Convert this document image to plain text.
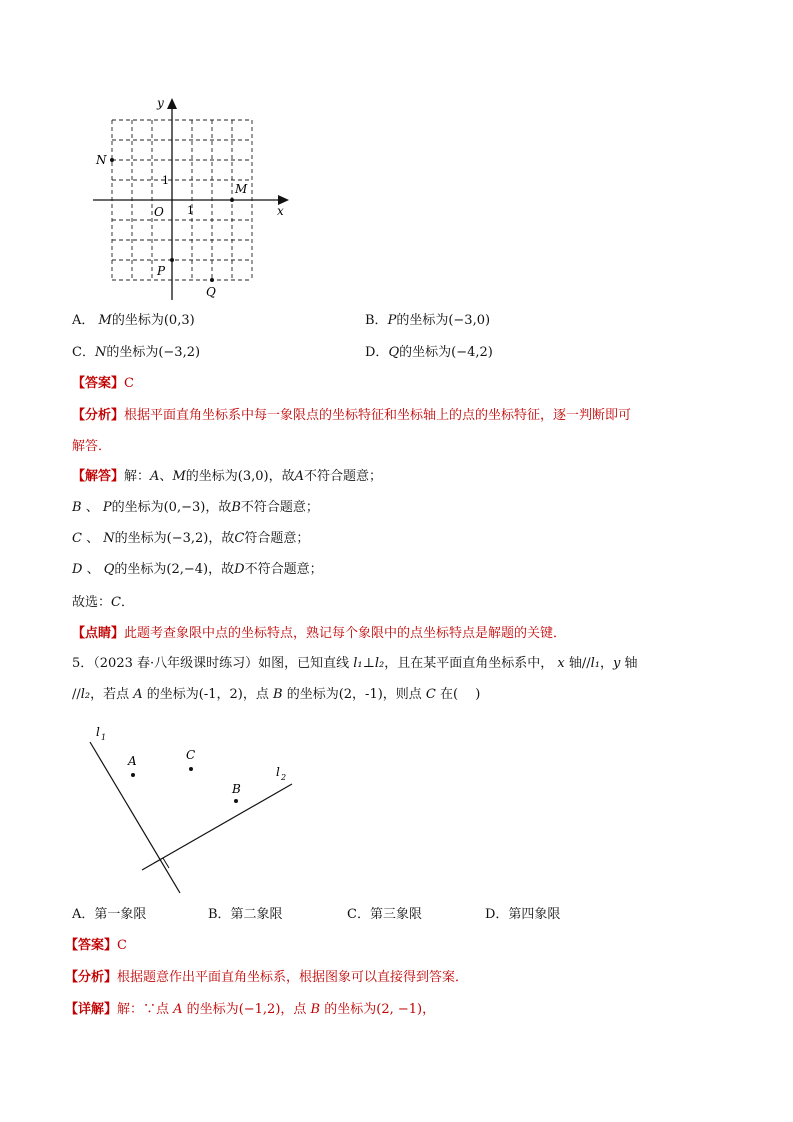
y
x
O 1
1
N
M
P
Q
A． M的坐标为(0,3)	B．P的坐标为(−3,0)
C．N的坐标为(−3,2)	D．Q的坐标为(−4,2)
【答案】C
【分析】根据平面直角坐标系中每一象限点的坐标特征和坐标轴上的点的坐标特征，逐一判断即可
解答．
【解答】解：A、M的坐标为(3,0)，故A不符合题意；
B 、 P的坐标为(0,−3)，故B不符合题意；
C 、 N的坐标为(−3,2)，故C符合题意；
D 、 Q的坐标为(2,−4)，故D不符合题意；
故选：C．
【点睛】此题考查象限中点的坐标特点，熟记每个象限中的点坐标特点是解题的关键．
5．（2023 春·八年级课时练习）如图，已知直线 l₁⊥l₂，且在某平面直角坐标系中， x 轴//l₁，y 轴
//l₂，若点 A 的坐标为(-1，2)，点 B 的坐标为(2，-1)，则点 C 在(　 )
l 1
l 2
A	C
B
A．第一象限	B．第二象限	C．第三象限	D．第四象限
【答案】C
【分析】根据题意作出平面直角坐标系，根据图象可以直接得到答案．
【详解】解：∵点 A 的坐标为(−1,2)，点 B 的坐标为(2, −1)，
